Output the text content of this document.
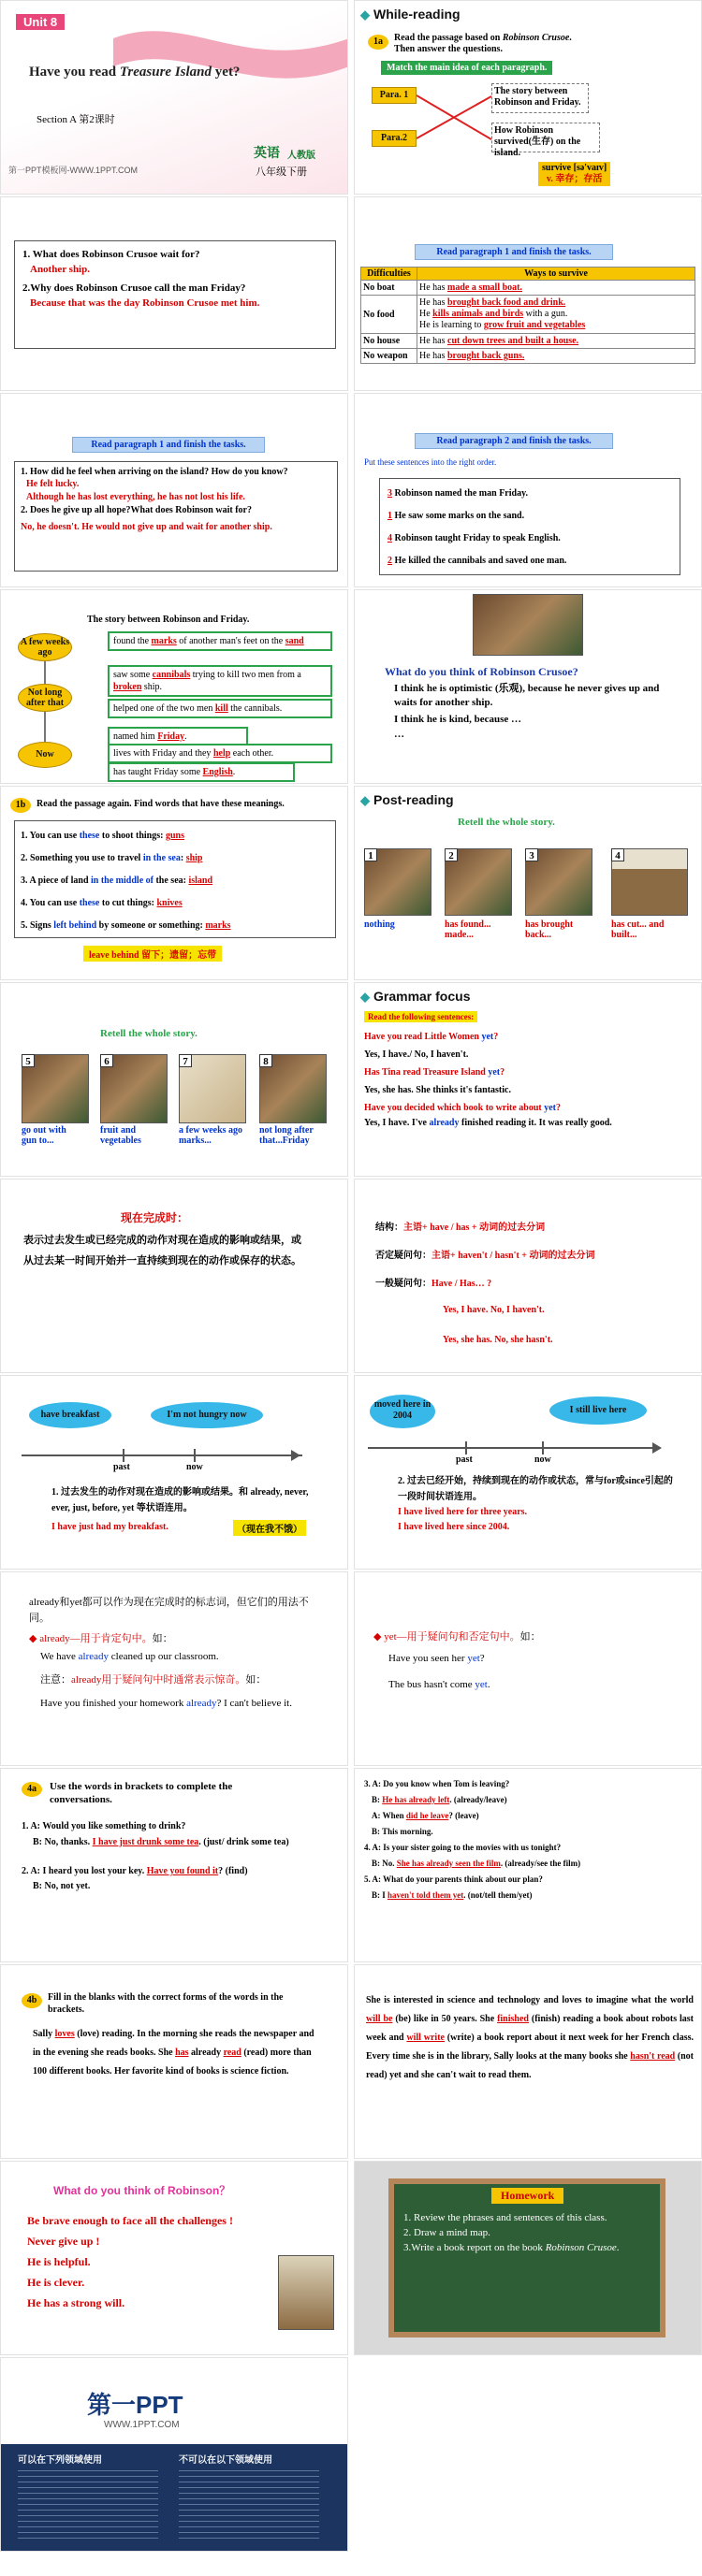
Unit 8
Have you read Treasure Island yet?
Section A 第2课时
第一PPT模板网-WWW.1PPT.COM
英语 人教版
八年级下册
◆ While-reading
1a	Read the passage based on Robinson Crusoe.
Then answer the questions.
Match the main idea of each paragraph.
Para. 1
Para.2
The story between Robinson and Friday.
How Robinson survived(生存) on the island.
survive [sə'vaɪv]
v. 幸存；存活
1. What does Robinson Crusoe wait for?
Another ship.
2.Why does Robinson Crusoe call the man Friday?
Because that was the day Robinson Crusoe met him.
Read paragraph 1 and finish the tasks.
Difficulties	Ways to survive
No boat	He has made a small boat.
No food	He has brought back food and drink.
He kills animals and birds with a gun.
He is learning to grow fruit and vegetables
No house	He has cut down trees and built a house.
No weapon	He has brought back guns.
Read paragraph 1 and finish the tasks.
1. How did he feel when arriving on the island? How do you know?
He felt lucky.
Although he has lost everything, he has not lost his life.
2. Does he give up all hope?What does Robinson wait for?
No, he doesn't. He would not give up and wait for another ship.
Read paragraph 2 and finish the tasks.
Put these sentences into the right order.
3 Robinson named the man Friday.
1 He saw some marks on the sand.
4 Robinson taught Friday to speak English.
2 He killed the cannibals and saved one man.
The story between Robinson and Friday.
A few weeks ago
Not long after that
Now
found the marks of another man's feet on the sand
saw some cannibals trying to kill two men from a broken ship.
helped one of the two men kill the cannibals.
named him Friday.
lives with Friday and they help each other.
has taught Friday some English.
What do you think of Robinson Crusoe?
I think he is optimistic (乐观), because he never gives up and waits for another ship.
I think he is kind, because …
…
1b	Read the passage again. Find words that have these meanings.
1. You can use these to shoot things: guns
2. Something you use to travel in the sea: ship
3. A piece of land in the middle of the sea: island
4. You can use these to cut things: knives
5. Signs left behind by someone or something: marks
leave behind 留下；遗留；忘带
◆ Post-reading
Retell the whole story.
1	2	3	4
nothing	has found... made...
has brought back...
has cut... and built...
Retell the whole story.
5	6	7	8
go out with gun to...
fruit and vegetables
a few weeks ago marks...
not long after that...Friday
◆ Grammar focus
Read the following sentences:
Have you read Little Women yet?
Yes, I have./ No, I haven't.
Has Tina read Treasure Island yet?
Yes, she has. She thinks it's fantastic.
Have you decided which book to write about yet?
Yes, I have. I've already finished reading it. It was really good.
现在完成时：
表示过去发生或已经完成的动作对现在造成的影响或结果，或从过去某一时间开始并一直持续到现在的动作或保存的状态。
结构：主语+ have / has + 动词的过去分词
否定疑问句：主语+ haven't / hasn't + 动词的过去分词
一般疑问句：Have / Has… ?
Yes, I have. No, I haven't.
Yes, she has. No, she hasn't.
have breakfast	I'm not hungry now
past	now
1. 过去发生的动作对现在造成的影响或结果。和 already, never, ever, just, before, yet 等状语连用。
I have just had my breakfast.	（现在我不饿）
moved here in 2004
I still live here
past	now
2. 过去已经开始，持续到现在的动作或状态，常与for或since引起的一段时间状语连用。
I have lived here for three years.
I have lived here since 2004.
already和yet都可以作为现在完成时的标志词，但它们的用法不同。
◆ already—用于肯定句中。如：
We have already cleaned up our classroom.
注意：already用于疑问句中时通常表示惊奇。如：
Have you finished your homework already? I can't believe it.
◆ yet—用于疑问句和否定句中。如：
Have you seen her yet?
The bus hasn't come yet.
4a	Use the words in brackets to complete the conversations.
1. A: Would you like something to drink?
B: No, thanks. I have just drunk some tea. (just/ drink some tea)
2. A: I heard you lost your key. Have you found it? (find)
B: No, not yet.
3. A: Do you know when Tom is leaving?
B: He has already left. (already/leave)
A: When did he leave? (leave)
B: This morning.
4. A: Is your sister going to the movies with us tonight?
B: No. She has already seen the film. (already/see the film)
5. A: What do your parents think about our plan?
B: I haven't told them yet. (not/tell them/yet)
4b	Fill in the blanks with the correct forms of the words in the brackets.
Sally loves (love) reading. In the morning she reads the newspaper and in the evening she reads books. She has already read (read) more than 100 different books. Her favorite kind of books is science fiction.
She is interested in science and technology and loves to imagine what the world will be (be) like in 50 years. She finished (finish) reading a book about robots last week and will write (write) a book report about it next week for her French class. Every time she is in the library, Sally looks at the many books she hasn't read (not read) yet and she can't wait to read them.
What do you think of Robinson？
Be brave enough to face all the challenges !
Never give up !
He is helpful.
He is clever.
He has a strong will.
Homework
1. Review the phrases and sentences of this class.
2. Draw a mind map.
3.Write a book report on the book Robinson Crusoe.
第一PPT
WWW.1PPT.COM
可以在下列领域使用	不可以在以下领域使用
